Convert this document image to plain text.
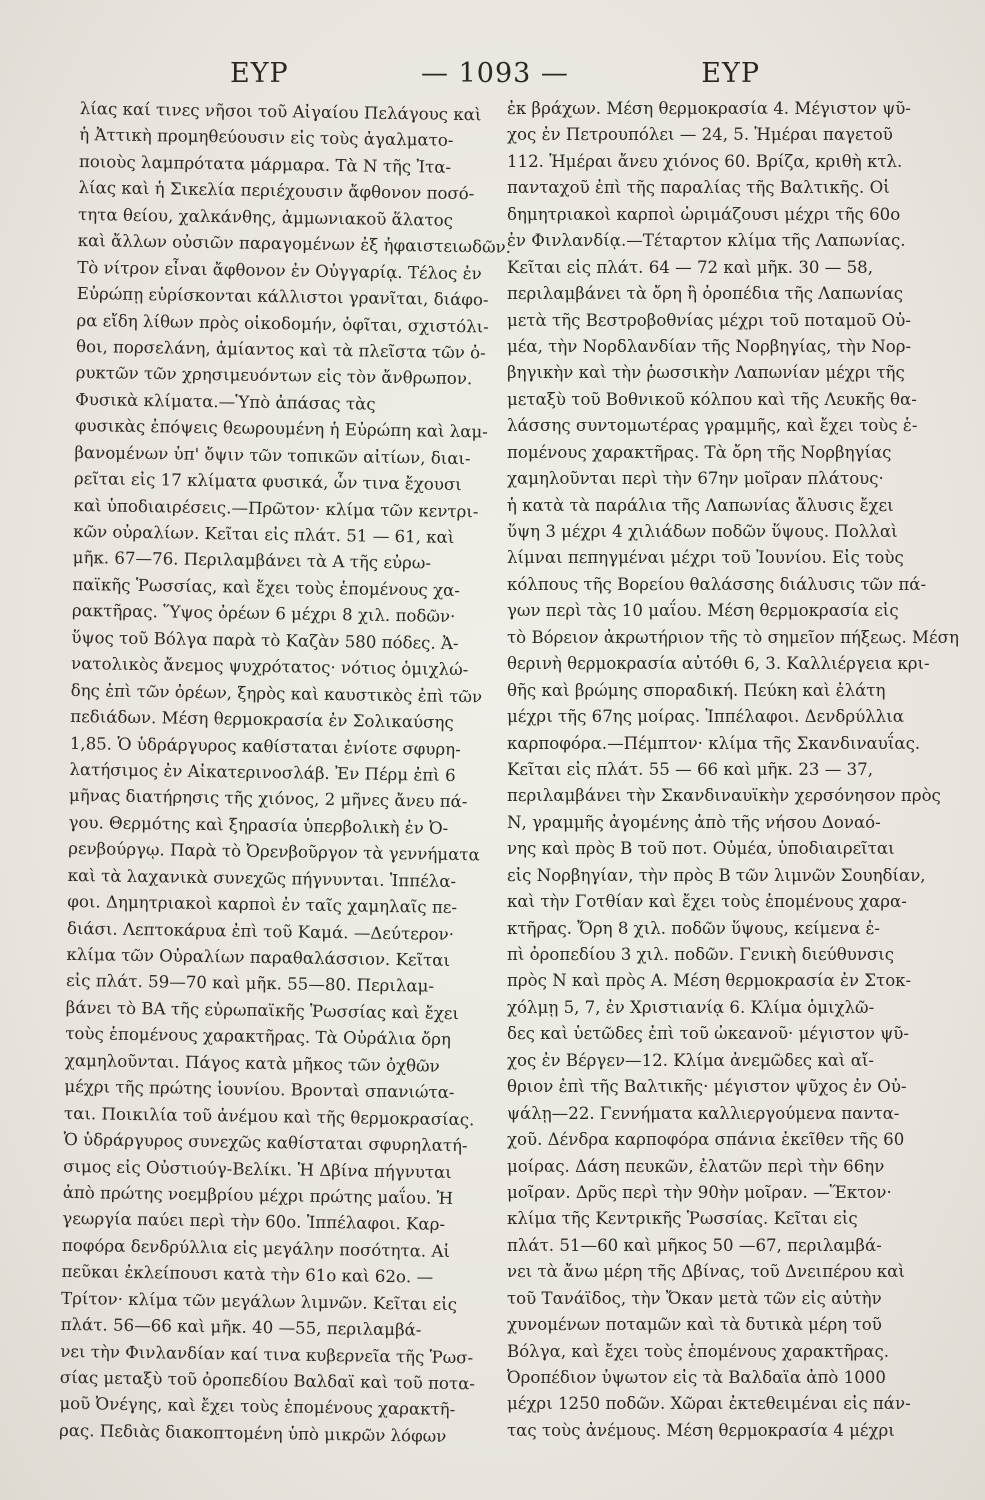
ΕΥΡ	— 1093 —	ΕΥΡ
λίας καί τινες νῆσοι τοῦ Αἰγαίου Πελάγους καὶ
ἡ Ἀττικὴ προμηθεύουσιν εἰς τοὺς ἀγαλματο-
ποιοὺς λαμπρότατα μάρμαρα. Τὰ Ν τῆς Ἰτα-
λίας καὶ ἡ Σικελία περιέχουσιν ἄφθονον ποσό-
τητα θείου, χαλκάνθης, ἀμμωνιακοῦ ἅλατος
καὶ ἄλλων οὐσιῶν παραγομένων ἐξ ἡφαιστειωδῶν.
Τὸ νίτρον εἶναι ἄφθονον ἐν Οὐγγαρίᾳ. Τέλος ἐν
Εὐρώπῃ εὑρίσκονται κάλλιστοι γρανῖται, διάφο-
ρα εἴδη λίθων πρὸς οἰκοδομήν, ὀφῖται, σχιστόλι-
θοι, πορσελάνη, ἀμίαντος καὶ τὰ πλεῖστα τῶν ὀ-
ρυκτῶν τῶν χρησιμευόντων εἰς τὸν ἄνθρωπον.
Φυσικὰ κλίματα.—Ὑπὸ ἀπάσας τὰς
φυσικὰς ἐπόψεις θεωρουμένη ἡ Εὐρώπη καὶ λαμ-
βανομένων ὑπ' ὄψιν τῶν τοπικῶν αἰτίων, διαι-
ρεῖται εἰς 17 κλίματα φυσικά, ὧν τινα ἔχουσι
καὶ ὑποδιαιρέσεις.—Πρῶτον· κλίμα τῶν κεντρι-
κῶν οὐραλίων. Κεῖται εἰς πλάτ. 51 — 61, καὶ
μῆκ. 67—76. Περιλαμβάνει τὰ Α τῆς εὐρω-
παϊκῆς Ῥωσσίας, καὶ ἔχει τοὺς ἑπομένους χα-
ρακτῆρας. Ὕψος ὀρέων 6 μέχρι 8 χιλ. ποδῶν·
ὕψος τοῦ Βόλγα παρὰ τὸ Καζὰν 580 πόδες. Ἀ-
νατολικὸς ἄνεμος ψυχρότατος· νότιος ὁμιχλώ-
δης ἐπὶ τῶν ὀρέων, ξηρὸς καὶ καυστικὸς ἐπὶ τῶν
πεδιάδων. Μέση θερμοκρασία ἐν Σολικαύσης
1,85. Ὁ ὑδράργυρος καθίσταται ἐνίοτε σφυρη-
λατήσιμος ἐν Αἰκατερινοσλάβ. Ἐν Πέρμ ἐπὶ 6
μῆνας διατήρησις τῆς χιόνος, 2 μῆνες ἄνευ πά-
γου. Θερμότης καὶ ξηρασία ὑπερβολικὴ ἐν Ὀ-
ρενβούργῳ. Παρὰ τὸ Ὀρενβοῦργον τὰ γεννήματα
καὶ τὰ λαχανικὰ συνεχῶς πήγνυνται. Ἱππέλα-
φοι. Δημητριακοὶ καρποὶ ἐν ταῖς χαμηλαῖς πε-
διάσι. Λεπτοκάρυα ἐπὶ τοῦ Καμά. —Δεύτερον·
κλίμα τῶν Οὐραλίων παραθαλάσσιον. Κεῖται
εἰς πλάτ. 59—70 καὶ μῆκ. 55—80. Περιλαμ-
βάνει τὸ ΒΑ τῆς εὐρωπαϊκῆς Ῥωσσίας καὶ ἔχει
τοὺς ἑπομένους χαρακτῆρας. Τὰ Οὐράλια ὄρη
χαμηλοῦνται. Πάγος κατὰ μῆκος τῶν ὀχθῶν
μέχρι τῆς πρώτης ἰουνίου. Βρονταὶ σπανιώτα-
ται. Ποικιλία τοῦ ἀνέμου καὶ τῆς θερμοκρασίας.
Ὁ ὑδράργυρος συνεχῶς καθίσταται σφυρηλατή-
σιμος εἰς Οὐστιούγ-Βελίκι. Ἡ Δβίνα πήγνυται
ἀπὸ πρώτης νοεμβρίου μέχρι πρώτης μαΐου. Ἡ
γεωργία παύει περὶ τὴν 60ο. Ἱππέλαφοι. Καρ-
ποφόρα δενδρύλλια εἰς μεγάλην ποσότητα. Αἱ
πεῦκαι ἐκλείπουσι κατὰ τὴν 61ο καὶ 62ο. —
Τρίτον· κλίμα τῶν μεγάλων λιμνῶν. Κεῖται εἰς
πλάτ. 56—66 καὶ μῆκ. 40 —55, περιλαμβά-
νει τὴν Φινλανδίαν καί τινα κυβερνεῖα τῆς Ῥωσ-
σίας μεταξὺ τοῦ ὀροπεδίου Βαλδαϊ καὶ τοῦ ποτα-
μοῦ Ὀνέγης, καὶ ἔχει τοὺς ἑπομένους χαρακτῆ-
ρας. Πεδιὰς διακοπτομένη ὑπὸ μικρῶν λόφων
ἐκ βράχων. Μέση θερμοκρασία 4. Μέγιστον ψῦ-
χος ἐν Πετρουπόλει — 24, 5. Ἡμέραι παγετοῦ
112. Ἡμέραι ἄνευ χιόνος 60. Βρίζα, κριθὴ κτλ.
πανταχοῦ ἐπὶ τῆς παραλίας τῆς Βαλτικῆς. Οἱ
δημητριακοὶ καρποὶ ὡριμάζουσι μέχρι τῆς 60ο
ἐν Φινλανδίᾳ.—Τέταρτον κλίμα τῆς Λαπωνίας.
Κεῖται εἰς πλάτ. 64 — 72 καὶ μῆκ. 30 — 58,
περιλαμβάνει τὰ ὄρη ἢ ὀροπέδια τῆς Λαπωνίας
μετὰ τῆς Βεστροβοθνίας μέχρι τοῦ ποταμοῦ Οὐ-
μέα, τὴν Νορδλανδίαν τῆς Νορβηγίας, τὴν Νορ-
βηγικὴν καὶ τὴν ῥωσσικὴν Λαπωνίαν μέχρι τῆς
μεταξὺ τοῦ Βοθνικοῦ κόλπου καὶ τῆς Λευκῆς θα-
λάσσης συντομωτέρας γραμμῆς, καὶ ἔχει τοὺς ἑ-
πομένους χαρακτῆρας. Τὰ ὄρη τῆς Νορβηγίας
χαμηλοῦνται περὶ τὴν 67ην μοῖραν πλάτους·
ἡ κατὰ τὰ παράλια τῆς Λαπωνίας ἄλυσις ἔχει
ὕψη 3 μέχρι 4 χιλιάδων ποδῶν ὕψους. Πολλαὶ
λίμναι πεπηγμέναι μέχρι τοῦ Ἰουνίου. Εἰς τοὺς
κόλπους τῆς Βορείου θαλάσσης διάλυσις τῶν πά-
γων περὶ τὰς 10 μαΐου. Μέση θερμοκρασία εἰς
τὸ Βόρειον ἀκρωτήριον τῆς τὸ σημεῖον πήξεως. Μέση
θερινὴ θερμοκρασία αὐτόθι 6, 3. Καλλιέργεια κρι-
θῆς καὶ βρώμης σποραδική. Πεύκη καὶ ἐλάτη
μέχρι τῆς 67ης μοίρας. Ἱππέλαφοι. Δενδρύλλια
καρποφόρα.—Πέμπτον· κλίμα τῆς Σκανδιναυΐας.
Κεῖται εἰς πλάτ. 55 — 66 καὶ μῆκ. 23 — 37,
περιλαμβάνει τὴν Σκανδιναυϊκὴν χερσόνησον πρὸς
Ν, γραμμῆς ἀγομένης ἀπὸ τῆς νήσου Δοναό-
νης καὶ πρὸς Β τοῦ ποτ. Οὐμέα, ὑποδιαιρεῖται
εἰς Νορβηγίαν, τὴν πρὸς Β τῶν λιμνῶν Σουηδίαν,
καὶ τὴν Γοτθίαν καὶ ἔχει τοὺς ἑπομένους χαρα-
κτῆρας. Ὄρη 8 χιλ. ποδῶν ὕψους, κείμενα ἐ-
πὶ ὀροπεδίου 3 χιλ. ποδῶν. Γενικὴ διεύθυνσις
πρὸς Ν καὶ πρὸς Α. Μέση θερμοκρασία ἐν Στοκ-
χόλμῃ 5, 7, ἐν Χριστιανίᾳ 6. Κλίμα ὁμιχλῶ-
δες καὶ ὑετῶδες ἐπὶ τοῦ ὠκεανοῦ· μέγιστον ψῦ-
χος ἐν Βέργεν—12. Κλίμα ἀνεμῶδες καὶ αἴ-
θριον ἐπὶ τῆς Βαλτικῆς· μέγιστον ψῦχος ἐν Οὐ-
ψάλῃ—22. Γεννήματα καλλιεργούμενα παντα-
χοῦ. Δένδρα καρποφόρα σπάνια ἐκεῖθεν τῆς 60
μοίρας. Δάση πευκῶν, ἐλατῶν περὶ τὴν 66ην
μοῖραν. Δρῦς περὶ τὴν 90ὴν μοῖραν. —Ἕκτον·
κλίμα τῆς Κεντρικῆς Ῥωσσίας. Κεῖται εἰς
πλάτ. 51—60 καὶ μῆκος 50 —67, περιλαμβά-
νει τὰ ἄνω μέρη τῆς Δβίνας, τοῦ Δνειπέρου καὶ
τοῦ Τανάϊδος, τὴν Ὄκαν μετὰ τῶν εἰς αὐτὴν
χυνομένων ποταμῶν καὶ τὰ δυτικὰ μέρη τοῦ
Βόλγα, καὶ ἔχει τοὺς ἑπομένους χαρακτῆρας.
Ὀροπέδιον ὑψωτον εἰς τὰ Βαλδαϊα ἀπὸ 1000
μέχρι 1250 ποδῶν. Χῶραι ἐκτεθειμέναι εἰς πάν-
τας τοὺς ἀνέμους. Μέση θερμοκρασία 4 μέχρι
